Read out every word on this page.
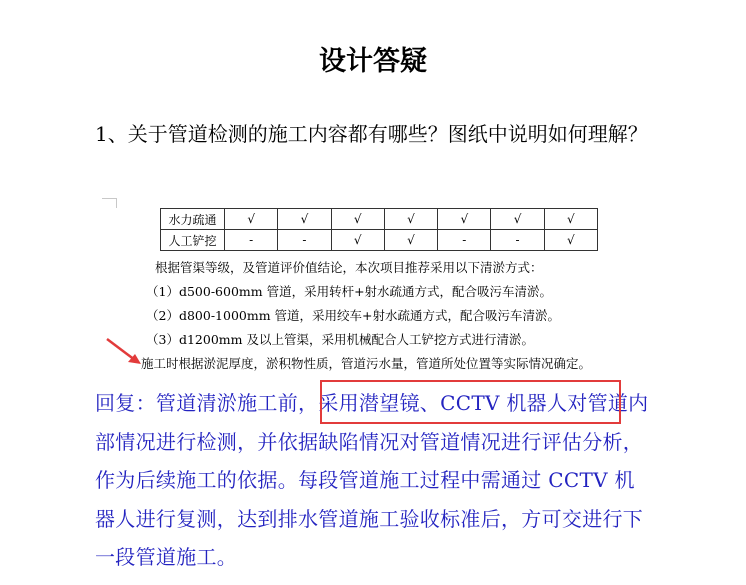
设计答疑
1、关于管道检测的施工内容都有哪些？图纸中说明如何理解？
水力疏通	√	√	√	√	√	√	√
人工铲挖	-	-	√	√	-	-	√
根据管渠等级，及管道评价值结论，本次项目推荐采用以下清淤方式：
（1）d500-600mm 管道，采用转杆+射水疏通方式，配合吸污车清淤。
（2）d800-1000mm 管道，采用绞车+射水疏通方式，配合吸污车清淤。
（3）d1200mm 及以上管渠，采用机械配合人工铲挖方式进行清淤。
施工时根据淤泥厚度，淤积物性质，管道污水量，管道所处位置等实际情况确定。
回复：管道清淤施工前，采用潜望镜、CCTV 机器人对管道内部情况进行检测，并依据缺陷情况对管道情况进行评估分析，作为后续施工的依据。每段管道施工过程中需通过 CCTV 机器人进行复测，达到排水管道施工验收标准后，方可交进行下一段管道施工。
